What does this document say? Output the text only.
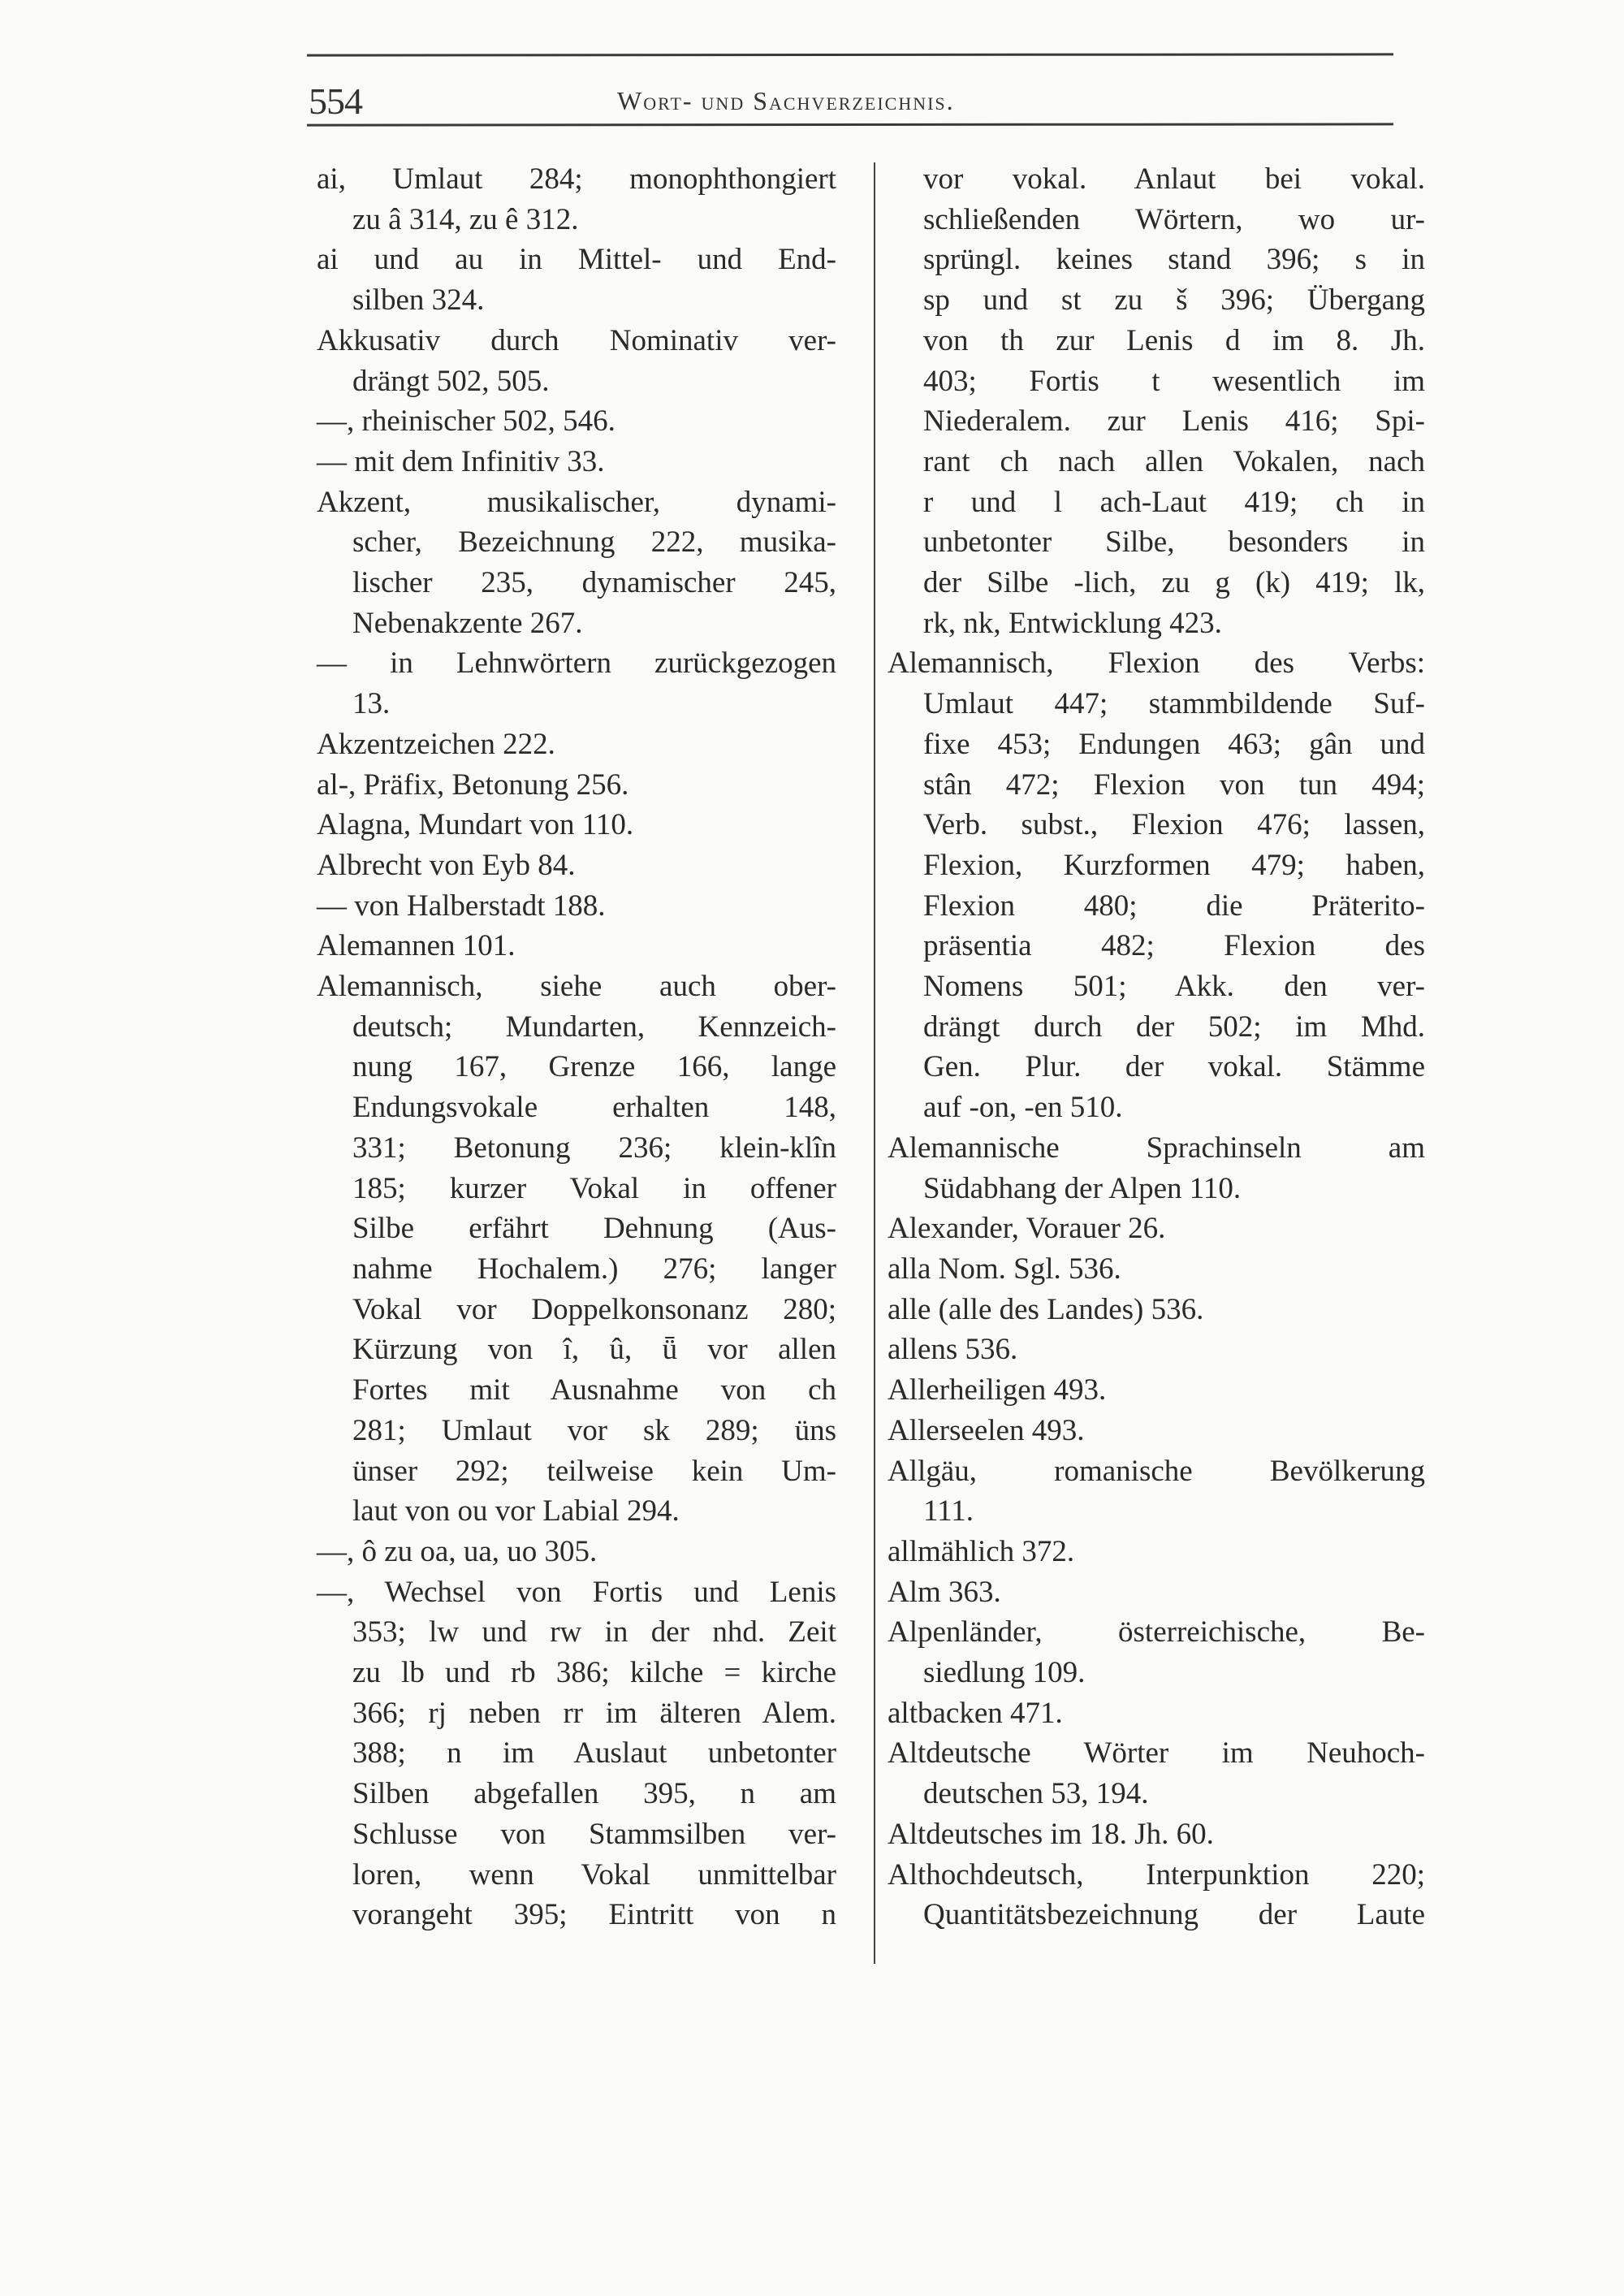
554	Wort- und Sachverzeichnis.
ai, Umlaut 284; monophthongiert
zu â 314, zu ê 312.
ai und au in Mittel- und End-
silben 324.
Akkusativ durch Nominativ ver-
drängt 502, 505.
—, rheinischer 502, 546.
— mit dem Infinitiv 33.
Akzent, musikalischer, dynami-
scher, Bezeichnung 222, musika-
lischer 235, dynamischer 245,
Nebenakzente 267.
— in Lehnwörtern zurückgezogen
13.
Akzentzeichen 222.
al-, Präfix, Betonung 256.
Alagna, Mundart von 110.
Albrecht von Eyb 84.
— von Halberstadt 188.
Alemannen 101.
Alemannisch, siehe auch ober-
deutsch; Mundarten, Kennzeich-
nung 167, Grenze 166, lange
Endungsvokale erhalten 148,
331; Betonung 236; klein-klîn
185; kurzer Vokal in offener
Silbe erfährt Dehnung (Aus-
nahme Hochalem.) 276; langer
Vokal vor Doppelkonsonanz 280;
Kürzung von î, û, ǖ vor allen
Fortes mit Ausnahme von ch
281; Umlaut vor sk 289; üns
ünser 292; teilweise kein Um-
laut von ou vor Labial 294.
—, ô zu oa, ua, uo 305.
—, Wechsel von Fortis und Lenis
353; lw und rw in der nhd. Zeit
zu lb und rb 386; kilche = kirche
366; rj neben rr im älteren Alem.
388; n im Auslaut unbetonter
Silben abgefallen 395, n am
Schlusse von Stammsilben ver-
loren, wenn Vokal unmittelbar
vorangeht 395; Eintritt von n
vor vokal. Anlaut bei vokal.
schließenden Wörtern, wo ur-
sprüngl. keines stand 396; s in
sp und st zu š 396; Übergang
von th zur Lenis d im 8. Jh.
403; Fortis t wesentlich im
Niederalem. zur Lenis 416; Spi-
rant ch nach allen Vokalen, nach
r und l ach-Laut 419; ch in
unbetonter Silbe, besonders in
der Silbe -lich, zu g (k) 419; lk,
rk, nk, Entwicklung 423.
Alemannisch, Flexion des Verbs:
Umlaut 447; stammbildende Suf-
fixe 453; Endungen 463; gân und
stân 472; Flexion von tun 494;
Verb. subst., Flexion 476; lassen,
Flexion, Kurzformen 479; haben,
Flexion 480; die Präterito-
präsentia 482; Flexion des
Nomens 501; Akk. den ver-
drängt durch der 502; im Mhd.
Gen. Plur. der vokal. Stämme
auf -on, -en 510.
Alemannische Sprachinseln am
Südabhang der Alpen 110.
Alexander, Vorauer 26.
alla Nom. Sgl. 536.
alle (alle des Landes) 536.
allens 536.
Allerheiligen 493.
Allerseelen 493.
Allgäu, romanische Bevölkerung
111.
allmählich 372.
Alm 363.
Alpenländer, österreichische, Be-
siedlung 109.
altbacken 471.
Altdeutsche Wörter im Neuhoch-
deutschen 53, 194.
Altdeutsches im 18. Jh. 60.
Althochdeutsch, Interpunktion 220;
Quantitätsbezeichnung der Laute
